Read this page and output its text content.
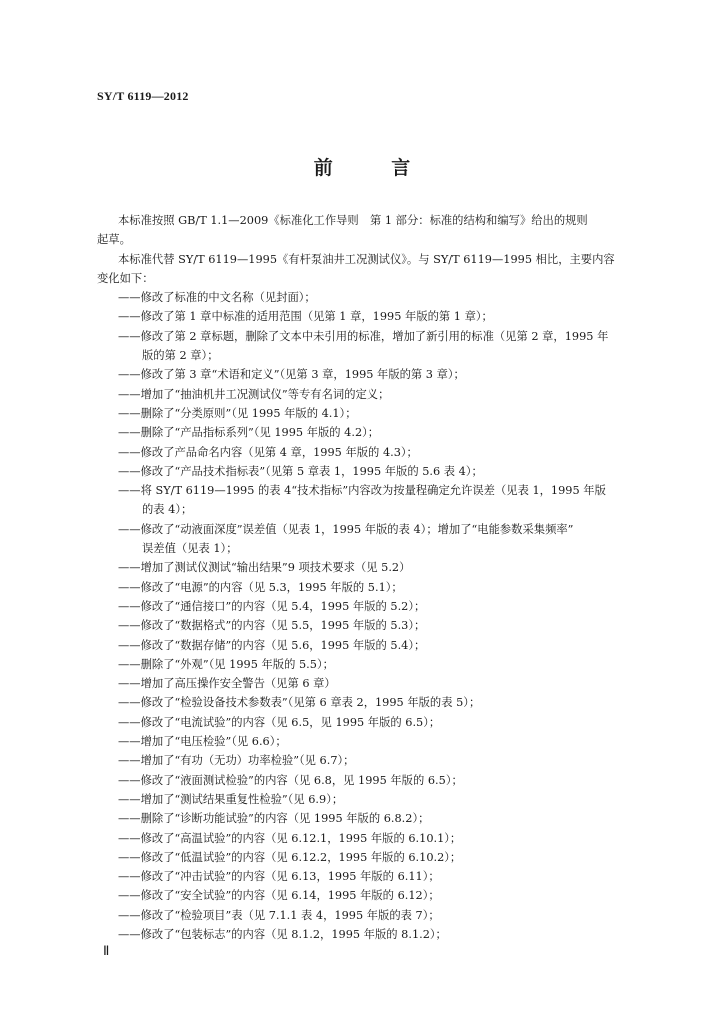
SY/T 6119—2012
前 言
本标准按照 GB/T 1.1—2009《标准化工作导则　第 1 部分：标准的结构和编写》给出的规则
起草。
本标准代替 SY/T 6119—1995《有杆泵油井工况测试仪》。与 SY/T 6119—1995 相比，主要内容
变化如下：
——修改了标准的中文名称（见封面）；
——修改了第 1 章中标准的适用范围（见第 1 章，1995 年版的第 1 章）；
——修改了第 2 章标题，删除了文本中未引用的标准，增加了新引用的标准（见第 2 章，1995 年
版的第 2 章）；
——修改了第 3 章“术语和定义”（见第 3 章，1995 年版的第 3 章）；
——增加了“抽油机井工况测试仪”等专有名词的定义；
——删除了“分类原则”（见 1995 年版的 4.1）；
——删除了“产品指标系列”（见 1995 年版的 4.2）；
——修改了产品命名内容（见第 4 章，1995 年版的 4.3）；
——修改了“产品技术指标表”（见第 5 章表 1，1995 年版的 5.6 表 4）；
——将 SY/T 6119—1995 的表 4“技术指标”内容改为按量程确定允许误差（见表 1，1995 年版
的表 4）；
——修改了“动液面深度”误差值（见表 1，1995 年版的表 4）；增加了“电能参数采集频率”
误差值（见表 1）；
——增加了测试仪测试“输出结果”9 项技术要求（见 5.2）
——修改了“电源”的内容（见 5.3，1995 年版的 5.1）；
——修改了“通信接口”的内容（见 5.4，1995 年版的 5.2）；
——修改了“数据格式”的内容（见 5.5，1995 年版的 5.3）；
——修改了“数据存储”的内容（见 5.6，1995 年版的 5.4）；
——删除了“外观”（见 1995 年版的 5.5）；
——增加了高压操作安全警告（见第 6 章）
——修改了“检验设备技术参数表”（见第 6 章表 2，1995 年版的表 5）；
——修改了“电流试验”的内容（见 6.5，见 1995 年版的 6.5）；
——增加了“电压检验”（见 6.6）；
——增加了“有功（无功）功率检验”（见 6.7）；
——修改了“液面测试检验”的内容（见 6.8，见 1995 年版的 6.5）；
——增加了“测试结果重复性检验”（见 6.9）；
——删除了“诊断功能试验”的内容（见 1995 年版的 6.8.2）；
——修改了“高温试验”的内容（见 6.12.1，1995 年版的 6.10.1）；
——修改了“低温试验”的内容（见 6.12.2，1995 年版的 6.10.2）；
——修改了“冲击试验”的内容（见 6.13，1995 年版的 6.11）；
——修改了“安全试验”的内容（见 6.14，1995 年版的 6.12）；
——修改了“检验项目”表（见 7.1.1 表 4，1995 年版的表 7）；
——修改了“包装标志”的内容（见 8.1.2，1995 年版的 8.1.2）；
Ⅱ
